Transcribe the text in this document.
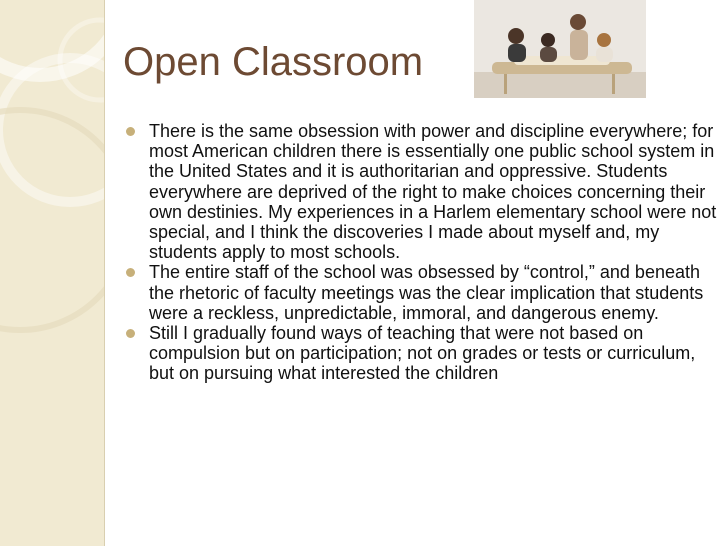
Open Classroom
There is the same obsession with power and discipline everywhere; for most American children there is essentially one public school system in the United States and it is authoritarian and oppressive. Students everywhere are deprived of the right to make choices concerning their own destinies. My experiences in a Harlem elementary school were not special, and I think the discoveries I made about myself and, my students apply to most schools.
The entire staff of the school was obsessed by “control,” and beneath the rhetoric of faculty meetings was the clear implication that students were a reckless, unpredictable, immoral, and dangerous enemy.
Still I gradually found ways of teaching that were not based on compulsion but on participation; not on grades or tests or curriculum, but on pursuing what interested the children
